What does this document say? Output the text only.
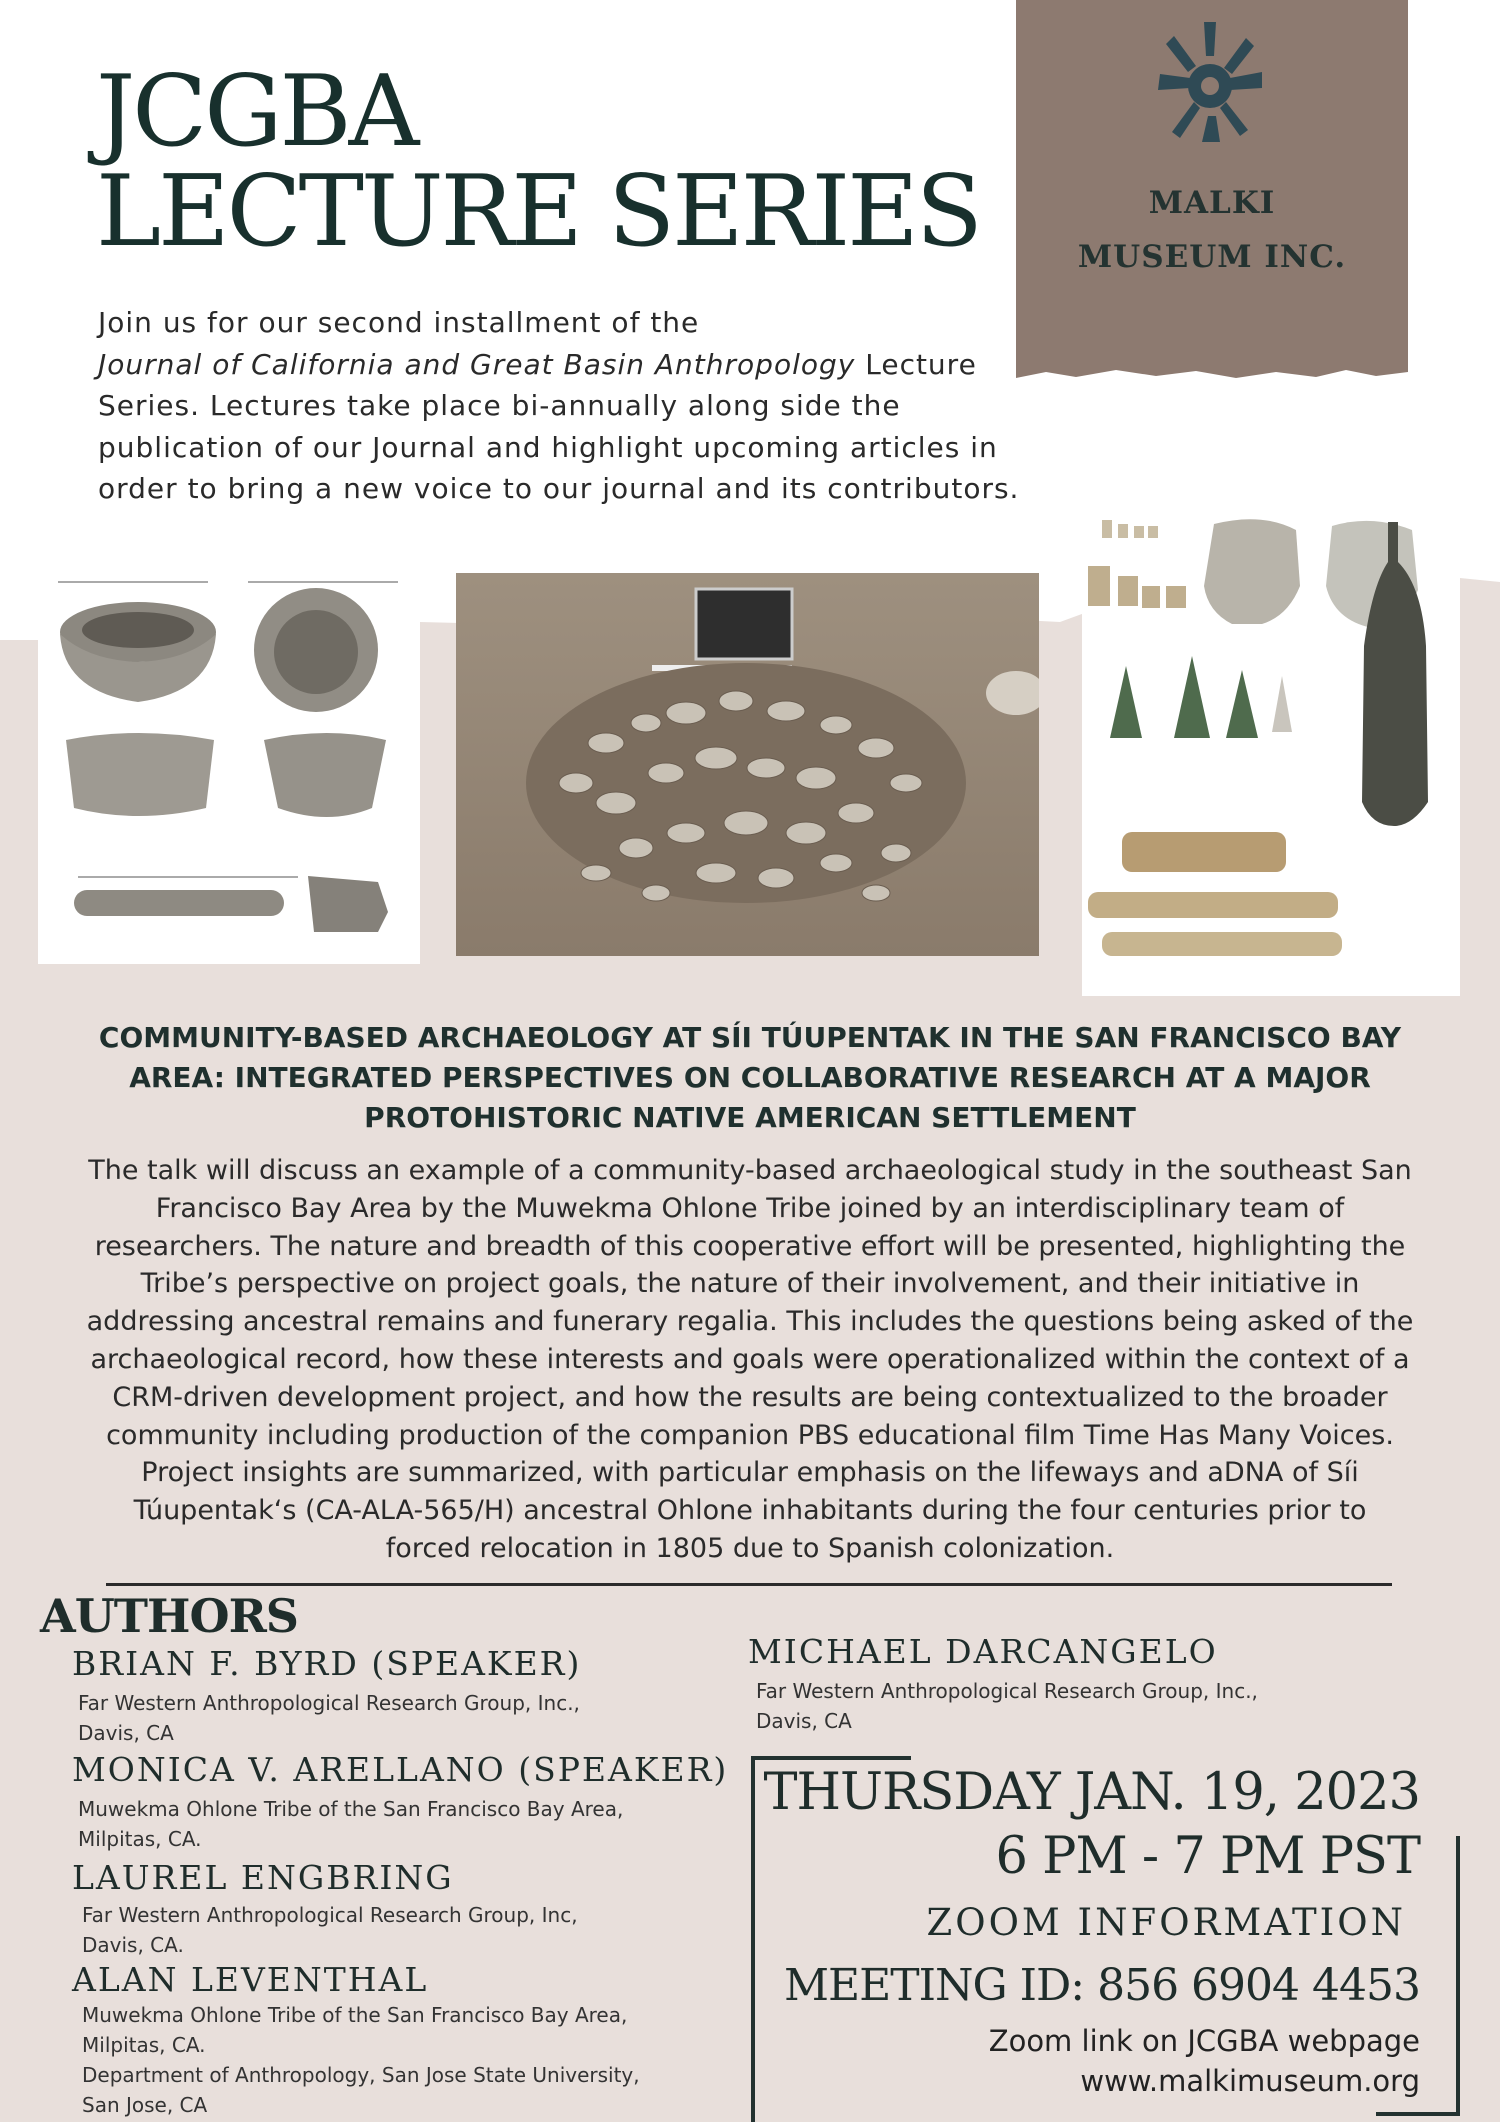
JCGBA
LECTURE SERIES	MALKI
MUSEUM INC.
Join us for our second installment of the
Journal of California and Great Basin Anthropology Lecture
Series. Lectures take place bi-annually along side the
publication of our Journal and highlight upcoming articles in
order to bring a new voice to our journal and its contributors.
COMMUNITY-BASED ARCHAEOLOGY AT SÍI TÚUPENTAK IN THE SAN FRANCISCO BAY
AREA: INTEGRATED PERSPECTIVES ON COLLABORATIVE RESEARCH AT A MAJOR
PROTOHISTORIC NATIVE AMERICAN SETTLEMENT
The talk will discuss an example of a community-based archaeological study in the southeast San
Francisco Bay Area by the Muwekma Ohlone Tribe joined by an interdisciplinary team of
researchers. The nature and breadth of this cooperative effort will be presented, highlighting the
Tribe’s perspective on project goals, the nature of their involvement, and their initiative in
addressing ancestral remains and funerary regalia. This includes the questions being asked of the
archaeological record, how these interests and goals were operationalized within the context of a
CRM-driven development project, and how the results are being contextualized to the broader
community including production of the companion PBS educational film Time Has Many Voices.
Project insights are summarized, with particular emphasis on the lifeways and aDNA of Síi
Túupentak‘s (CA-ALA-565/H) ancestral Ohlone inhabitants during the four centuries prior to
forced relocation in 1805 due to Spanish colonization.
AUTHORS
BRIAN F. BYRD (SPEAKER)
Far Western Anthropological Research Group, Inc.,
Davis, CA
MONICA V. ARELLANO (SPEAKER)
Muwekma Ohlone Tribe of the San Francisco Bay Area,
Milpitas, CA.
LAUREL ENGBRING
Far Western Anthropological Research Group, Inc,
Davis, CA.
ALAN LEVENTHAL
Muwekma Ohlone Tribe of the San Francisco Bay Area,
Milpitas, CA.
Department of Anthropology, San Jose State University,
San Jose, CA
MICHAEL DARCANGELO
Far Western Anthropological Research Group, Inc.,
Davis, CA
THURSDAY JAN. 19, 2023
6 PM - 7 PM PST
ZOOM INFORMATION
MEETING ID: 856 6904 4453
Zoom link on JCGBA webpage
www.malkimuseum.org
